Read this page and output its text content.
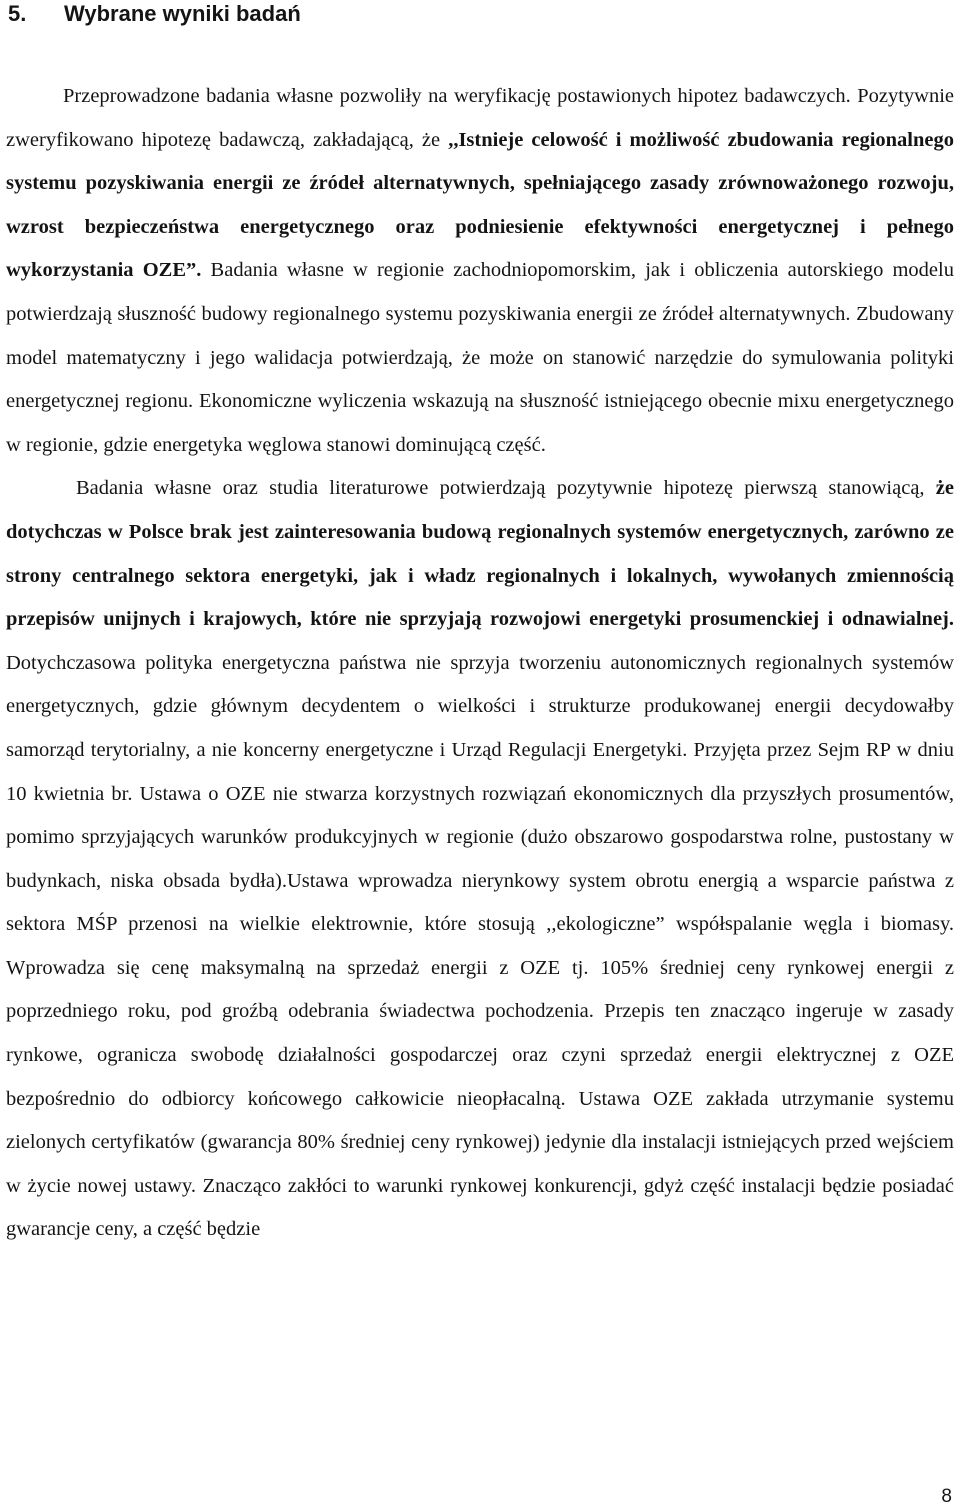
5. Wybrane wyniki badań

Przeprowadzone badania własne pozwoliły na weryfikację postawionych hipotez badawczych. Pozytywnie zweryfikowano hipotezę badawczą, zakładającą, że ,,Istnieje celowość i możliwość zbudowania regionalnego systemu pozyskiwania energii ze źródeł alternatywnych, spełniającego zasady zrównoważonego rozwoju, wzrost bezpieczeństwa energetycznego oraz podniesienie efektywności energetycznej i pełnego wykorzystania OZE”. Badania własne w regionie zachodniopomorskim, jak i obliczenia autorskiego modelu potwierdzają słuszność budowy regionalnego systemu pozyskiwania energii ze źródeł alternatywnych. Zbudowany model matematyczny i jego walidacja potwierdzają, że może on stanowić narzędzie do symulowania polityki energetycznej regionu. Ekonomiczne wyliczenia wskazują na słuszność istniejącego obecnie mixu energetycznego w regionie, gdzie energetyka węglowa stanowi dominującą część.

Badania własne oraz studia literaturowe potwierdzają pozytywnie hipotezę pierwszą stanowiącą, że dotychczas w Polsce brak jest zainteresowania budową regionalnych systemów energetycznych, zarówno ze strony centralnego sektora energetyki, jak i władz regionalnych i lokalnych, wywołanych zmiennością przepisów unijnych i krajowych, które nie sprzyjają rozwojowi energetyki prosumenckiej i odnawialnej. Dotychczasowa polityka energetyczna państwa nie sprzyja tworzeniu autonomicznych regionalnych systemów energetycznych, gdzie głównym decydentem o wielkości i strukturze produkowanej energii decydowałby samorząd terytorialny, a nie koncerny energetyczne i Urząd Regulacji Energetyki. Przyjęta przez Sejm RP w dniu 10 kwietnia br. Ustawa o OZE nie stwarza korzystnych rozwiązań ekonomicznych dla przyszłych prosumentów, pomimo sprzyjających warunków produkcyjnych w regionie (dużo obszarowo gospodarstwa rolne, pustostany w budynkach, niska obsada bydła).Ustawa wprowadza nierynkowy system obrotu energią a wsparcie państwa z sektora MŚP przenosi na wielkie elektrownie, które stosują ,,ekologiczne” współspalanie węgla i biomasy. Wprowadza się cenę maksymalną na sprzedaż energii z OZE tj. 105% średniej ceny rynkowej energii z poprzedniego roku, pod groźbą odebrania świadectwa pochodzenia. Przepis ten znacząco ingeruje w zasady rynkowe, ogranicza swobodę działalności gospodarczej oraz czyni sprzedaż energii elektrycznej z OZE bezpośrednio do odbiorcy końcowego całkowicie nieopłacalną. Ustawa OZE zakłada utrzymanie systemu zielonych certyfikatów (gwarancja 80% średniej ceny rynkowej) jedynie dla instalacji istniejących przed wejściem w życie nowej ustawy. Znacząco zakłóci to warunki rynkowej konkurencji, gdyż część instalacji będzie posiadać gwarancje ceny, a część będzie

8
